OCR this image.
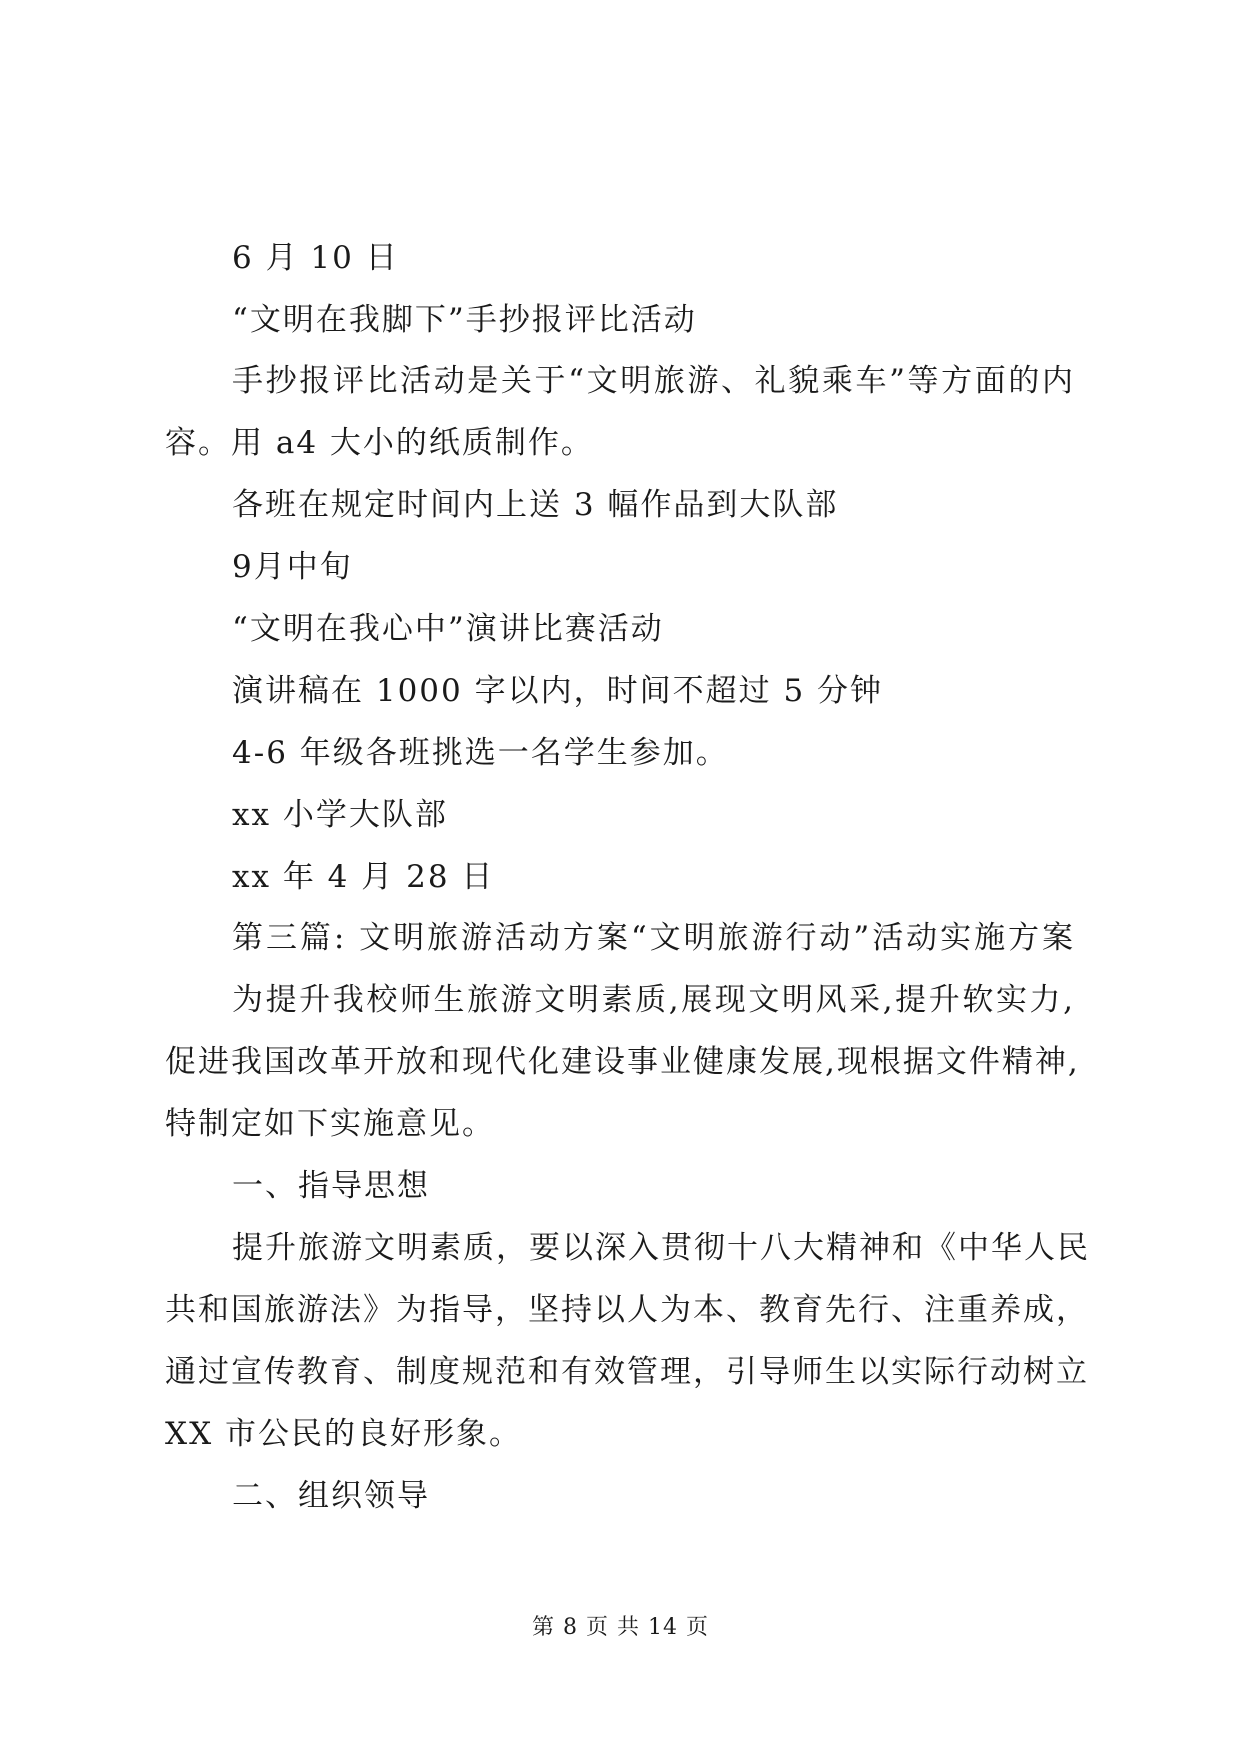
6 月 10 日
“文明在我脚下”手抄报评比活动
手抄报评比活动是关于“文明旅游、礼貌乘车”等方面的内
容。用 a4 大小的纸质制作。
各班在规定时间内上送 3 幅作品到大队部
9月中旬
“文明在我心中”演讲比赛活动
演讲稿在 1000 字以内，时间不超过 5 分钟
4-6 年级各班挑选一名学生参加。
xx 小学大队部
xx 年 4 月 28 日
第三篇: 文明旅游活动方案“文明旅游行动”活动实施方案
为提升我校师生旅游文明素质,展现文明风采,提升软实力,
促进我国改革开放和现代化建设事业健康发展,现根据文件精神,
特制定如下实施意见。
一、指导思想
提升旅游文明素质，要以深入贯彻十八大精神和《中华人民
共和国旅游法》为指导，坚持以人为本、教育先行、注重养成，
通过宣传教育、制度规范和有效管理，引导师生以实际行动树立
XX 市公民的良好形象。
二、组织领导
第 8 页 共 14 页
